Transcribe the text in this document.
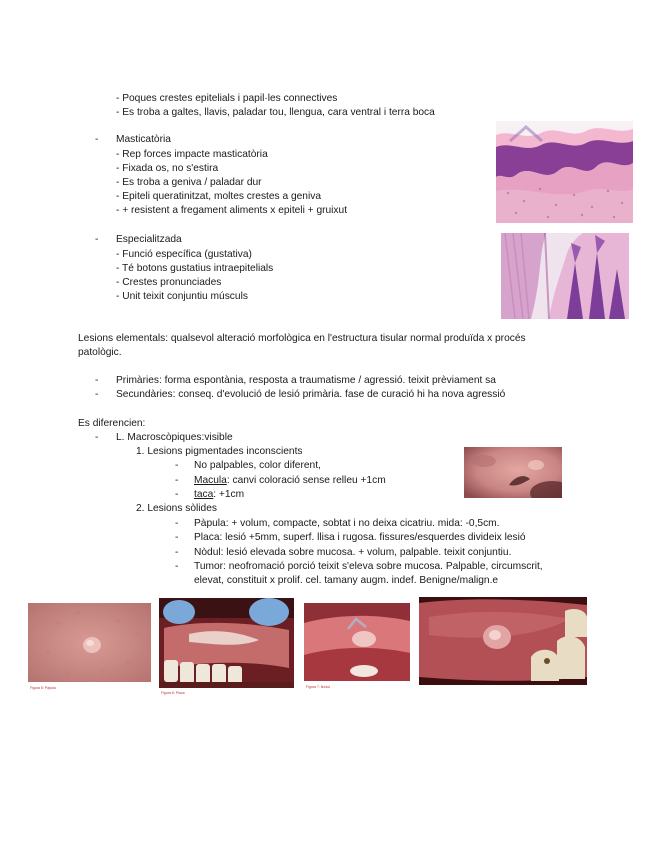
- Poques crestes epitelials i papil·les connectives
- Es troba a galtes, llavis, paladar tou, llengua, cara ventral i terra boca
- Masticatòria
- Rep forces impacte masticatòria
- Fixada os, no s'estira
- Es troba a geniva / paladar dur
- Epiteli queratinitzat, moltes crestes a geniva
- + resistent a fregament aliments x epiteli + gruixut
- Especialitzada
- Funció específica (gustativa)
- Té botons gustatius intraepitelials
- Crestes pronunciades
- Unit teixit conjuntiu músculs
Lesions elementals: qualsevol alteració morfològica en l'estructura tisular normal produïda x procés
patològic.
- Primàries: forma espontània, resposta a traumatisme / agressió. teixit prèviament sa
- Secundàries: conseq. d'evolució de lesió primària. fase de curació hi ha nova agressió
Es diferencien:
- L. Macroscòpiques:visible
1. Lesions pigmentades inconscients
- No palpables, color diferent,
- Macula: canvi coloració sense relleu +1cm
- taca: +1cm
2. Lesions sòlides
- Pàpula: + volum, compacte, sobtat i no deixa cicatriu. mida: -0,5cm.
- Placa: lesió +5mm, superf. llisa i rugosa. fissures/esquerdes divideix lesió
- Nòdul: lesió elevada sobre mucosa. + volum, palpable. teixit conjuntiu.
- Tumor: neofromació porció teixit s'eleva sobre mucosa. Palpable, circumscrit,
elevat, constituit x prolif. cel. tamany augm. indef. Benigne/malign.e
Figura 5: Pàpula
Figura 6: Placa
Figura 7: Nòdul
